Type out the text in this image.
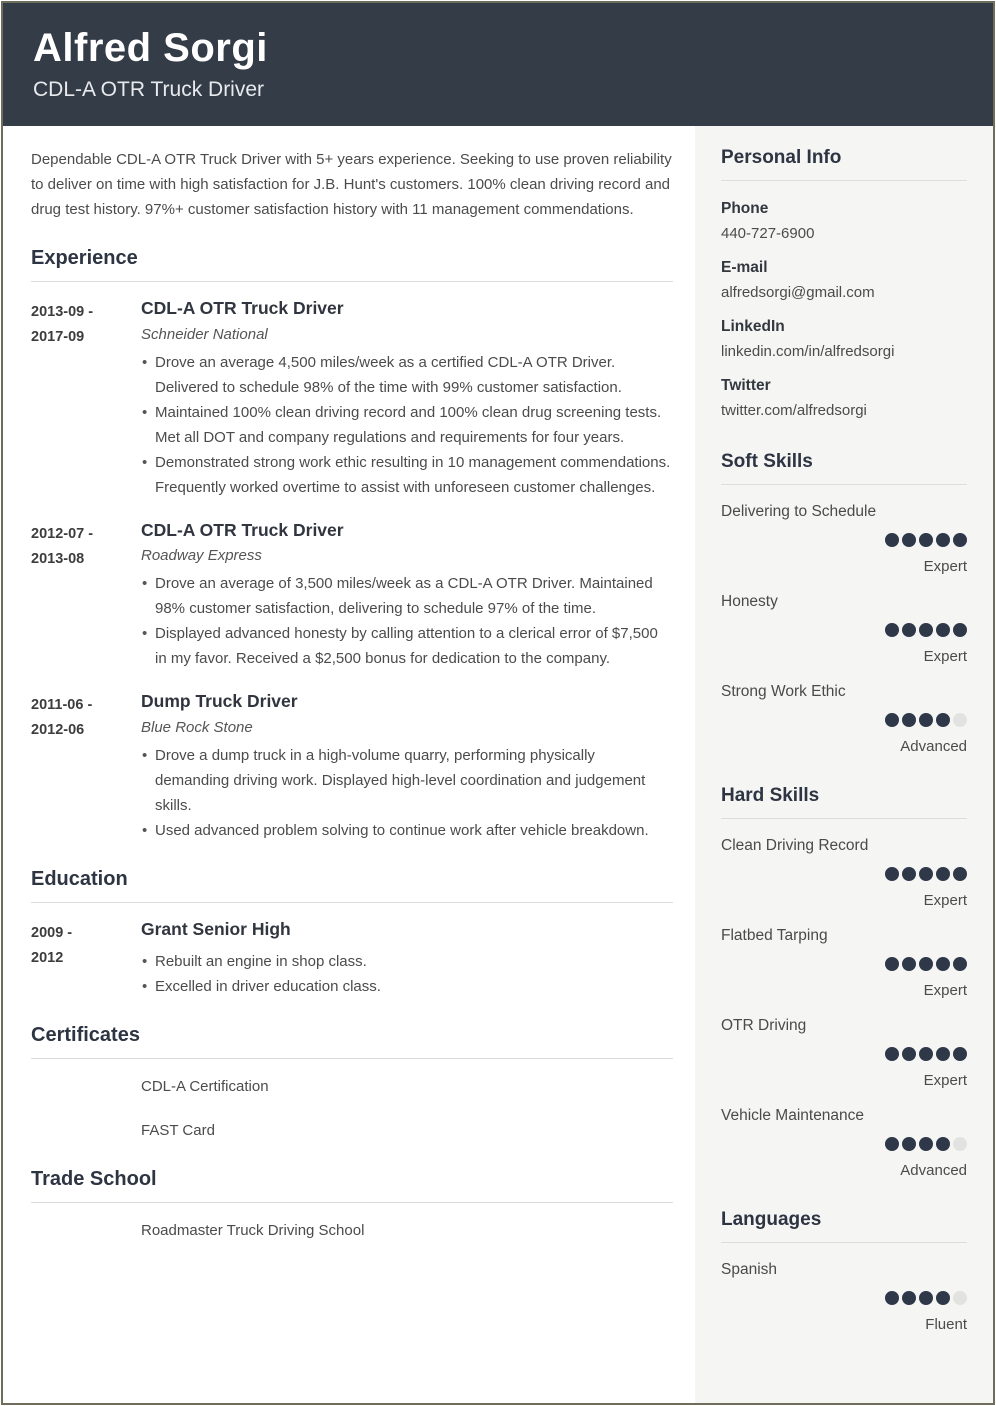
Alfred Sorgi
CDL-A OTR Truck Driver

Dependable CDL-A OTR Truck Driver with 5+ years experience. Seeking to use proven reliability to deliver on time with high satisfaction for J.B. Hunt's customers. 100% clean driving record and drug test history. 97%+ customer satisfaction history with 11 management commendations.

Experience
2013-09 -
2017-09
CDL-A OTR Truck Driver
Schneider National
• Drove an average 4,500 miles/week as a certified CDL-A OTR Driver. Delivered to schedule 98% of the time with 99% customer satisfaction.
• Maintained 100% clean driving record and 100% clean drug screening tests. Met all DOT and company regulations and requirements for four years.
• Demonstrated strong work ethic resulting in 10 management commendations. Frequently worked overtime to assist with unforeseen customer challenges.
2012-07 -
2013-08
CDL-A OTR Truck Driver
Roadway Express
• Drove an average of 3,500 miles/week as a CDL-A OTR Driver. Maintained 98% customer satisfaction, delivering to schedule 97% of the time.
• Displayed advanced honesty by calling attention to a clerical error of $7,500 in my favor. Received a $2,500 bonus for dedication to the company.
2011-06 -
2012-06
Dump Truck Driver
Blue Rock Stone
• Drove a dump truck in a high-volume quarry, performing physically demanding driving work. Displayed high-level coordination and judgement skills.
• Used advanced problem solving to continue work after vehicle breakdown.
Education
2009 -
2012
Grant Senior High
• Rebuilt an engine in shop class.
• Excelled in driver education class.
Certificates
CDL-A Certification
FAST Card
Trade School
Roadmaster Truck Driving School
Personal Info
Phone
440-727-6900
E-mail
alfredsorgi@gmail.com
LinkedIn
linkedin.com/in/alfredsorgi
Twitter
twitter.com/alfredsorgi
Soft Skills
Delivering to Schedule
Expert
Honesty
Expert
Strong Work Ethic
Advanced
Hard Skills
Clean Driving Record
Expert
Flatbed Tarping
Expert
OTR Driving
Expert
Vehicle Maintenance
Advanced
Languages
Spanish
Fluent
